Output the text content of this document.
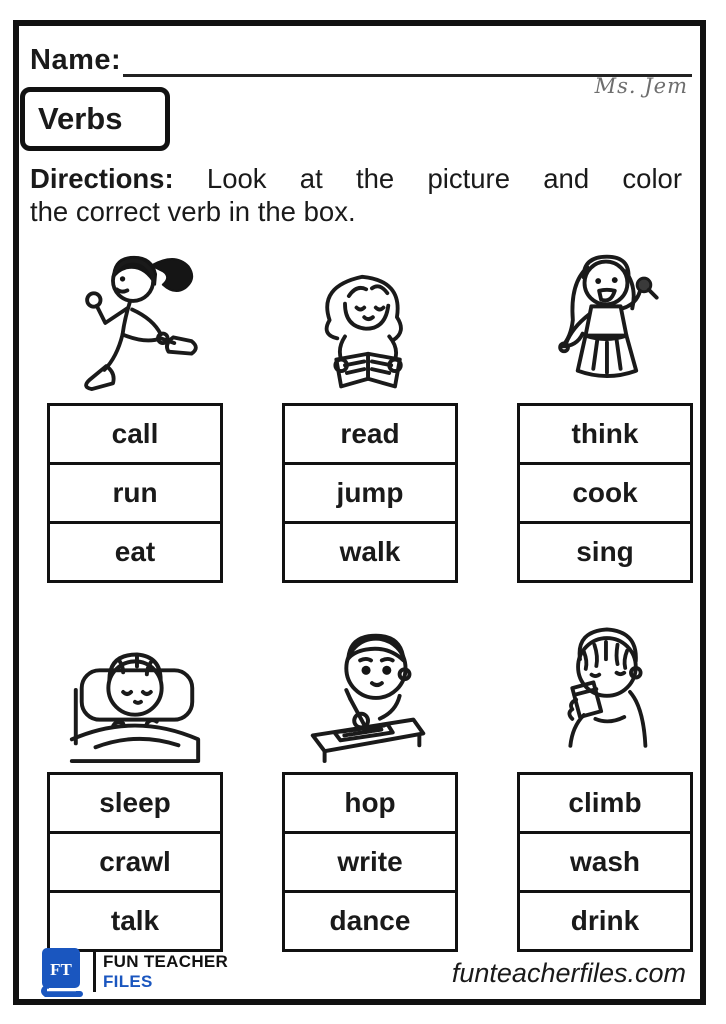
Name:
Ms. Jem
Verbs

Directions: Look at the picture and color
the correct verb in the box.

call
run
eat
read
jump
walk
think
cook
sing
sleep
crawl
talk
hop
write
dance
climb
wash
drink
FT FUN TEACHER
FILES	funteacherfiles.com
